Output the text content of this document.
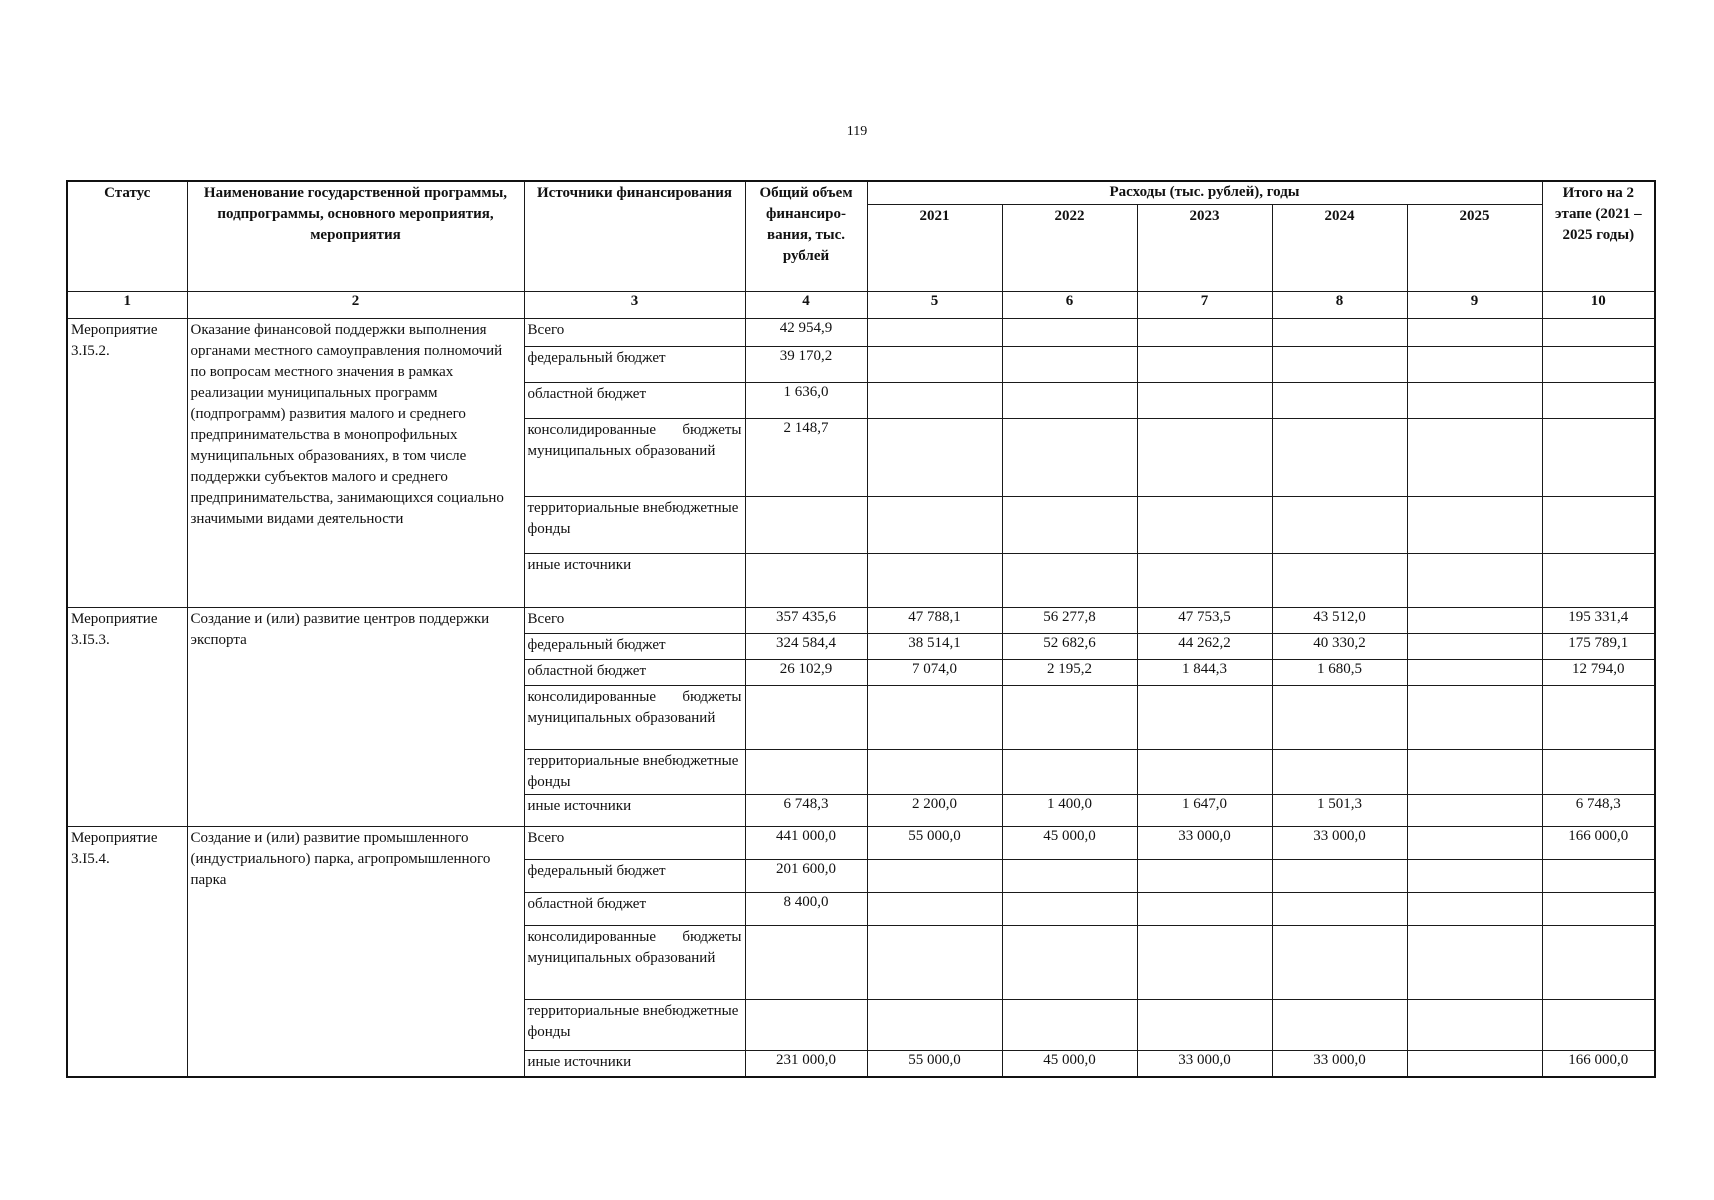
119
Статус	Наименование государственной программы, подпрограммы, основного мероприятия, мероприятия	Источники финансирования	Общий объем финансиро-вания, тыс. рублей	Расходы (тыс. рублей), годы					Итого на 2 этапе (2021 – 2025 годы)
				2021	2022	2023	2024	2025	
1	2	3	4	5	6	7	8	9	10
Мероприятие 3.I5.2.	Оказание финансовой поддержки выполнения органами местного самоуправления полномочий по вопросам местного значения в рамках реализации муниципальных программ (подпрограмм) развития малого и среднего предпринимательства в монопрофильных муниципальных образованиях, в том числе поддержки субъектов малого и среднего предпринимательства, занимающихся социально значимыми видами деятельности	Всего	42 954,9						
		федеральный бюджет	39 170,2						
		областной бюджет	1 636,0						
		консолидированные бюджеты муниципальных образований	2 148,7						
		территориальные внебюджетные фонды							
		иные источники							
Мероприятие 3.I5.3.	Создание и (или) развитие центров поддержки экспорта	Всего	357 435,6	47 788,1	56 277,8	47 753,5	43 512,0		195 331,4
		федеральный бюджет	324 584,4	38 514,1	52 682,6	44 262,2	40 330,2		175 789,1
		областной бюджет	26 102,9	7 074,0	2 195,2	1 844,3	1 680,5		12 794,0
		консолидированные бюджеты муниципальных образований							
		территориальные внебюджетные фонды							
		иные источники	6 748,3	2 200,0	1 400,0	1 647,0	1 501,3		6 748,3
Мероприятие 3.I5.4.	Создание и (или) развитие промышленного (индустриального) парка, агропромышленного парка	Всего	441 000,0	55 000,0	45 000,0	33 000,0	33 000,0		166 000,0
		федеральный бюджет	201 600,0						
		областной бюджет	8 400,0						
		консолидированные бюджеты муниципальных образований							
		территориальные внебюджетные фонды							
		иные источники	231 000,0	55 000,0	45 000,0	33 000,0	33 000,0		166 000,0
